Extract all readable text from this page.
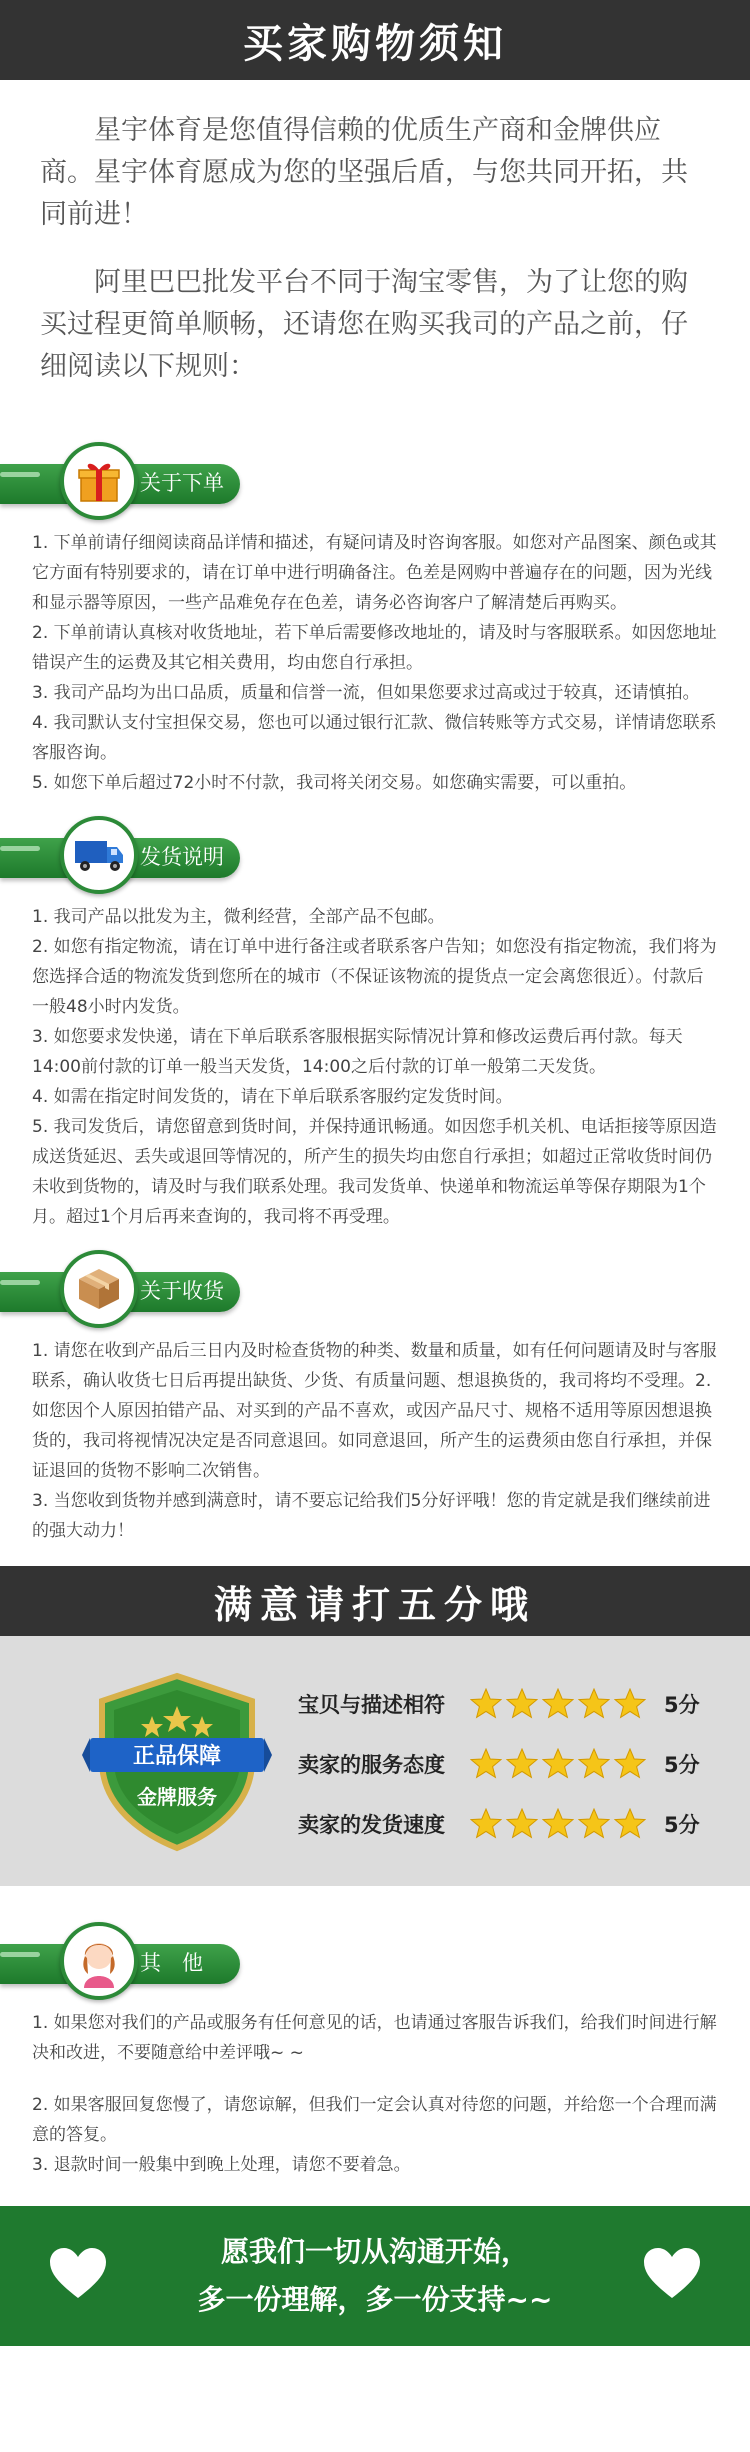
买家购物须知

星宇体育是您值得信赖的优质生产商和金牌供应商。星宇体育愿成为您的坚强后盾，与您共同开拓，共同前进！

阿里巴巴批发平台不同于淘宝零售，为了让您的购买过程更简单顺畅，还请您在购买我司的产品之前，仔细阅读以下规则：

关于下单

1. 下单前请仔细阅读商品详情和描述，有疑问请及时咨询客服。如您对产品图案、颜色或其它方面有特别要求的，请在订单中进行明确备注。色差是网购中普遍存在的问题，因为光线和显示器等原因，一些产品难免存在色差，请务必咨询客户了解清楚后再购买。

2. 下单前请认真核对收货地址，若下单后需要修改地址的，请及时与客服联系。如因您地址错误产生的运费及其它相关费用，均由您自行承担。

3. 我司产品均为出口品质，质量和信誉一流，但如果您要求过高或过于较真，还请慎拍。

4. 我司默认支付宝担保交易，您也可以通过银行汇款、微信转账等方式交易，详情请您联系客服咨询。

5. 如您下单后超过72小时不付款，我司将关闭交易。如您确实需要，可以重拍。

发货说明

1. 我司产品以批发为主，微利经营，全部产品不包邮。

2. 如您有指定物流，请在订单中进行备注或者联系客户告知；如您没有指定物流，我们将为您选择合适的物流发货到您所在的城市（不保证该物流的提货点一定会离您很近）。付款后一般48小时内发货。

3. 如您要求发快递，请在下单后联系客服根据实际情况计算和修改运费后再付款。每天14:00前付款的订单一般当天发货，14:00之后付款的订单一般第二天发货。

4. 如需在指定时间发货的，请在下单后联系客服约定发货时间。

5. 我司发货后，请您留意到货时间，并保持通讯畅通。如因您手机关机、电话拒接等原因造成送货延迟、丢失或退回等情况的，所产生的损失均由您自行承担；如超过正常收货时间仍未收到货物的，请及时与我们联系处理。我司发货单、快递单和物流运单等保存期限为1个月。超过1个月后再来查询的，我司将不再受理。

关于收货

1. 请您在收到产品后三日内及时检查货物的种类、数量和质量，如有任何问题请及时与客服联系，确认收货七日后再提出缺货、少货、有质量问题、想退换货的，我司将均不受理。2. 如您因个人原因拍错产品、对买到的产品不喜欢，或因产品尺寸、规格不适用等原因想退换货的，我司将视情况决定是否同意退回。如同意退回，所产生的运费须由您自行承担，并保证退回的货物不影响二次销售。

3. 当您收到货物并感到满意时，请不要忘记给我们5分好评哦！您的肯定就是我们继续前进的强大动力！

满意请打五分哦
正品保障
金牌服务
宝贝与描述相符	5分
卖家的服务态度	5分
卖家的发货速度	5分
其　他

1. 如果您对我们的产品或服务有任何意见的话，也请通过客服告诉我们，给我们时间进行解决和改进，不要随意给中差评哦~ ~

2. 如果客服回复您慢了，请您谅解，但我们一定会认真对待您的问题，并给您一个合理而满意的答复。

3. 退款时间一般集中到晚上处理，请您不要着急。

愿我们一切从沟通开始，
多一份理解，多一份支持~~
